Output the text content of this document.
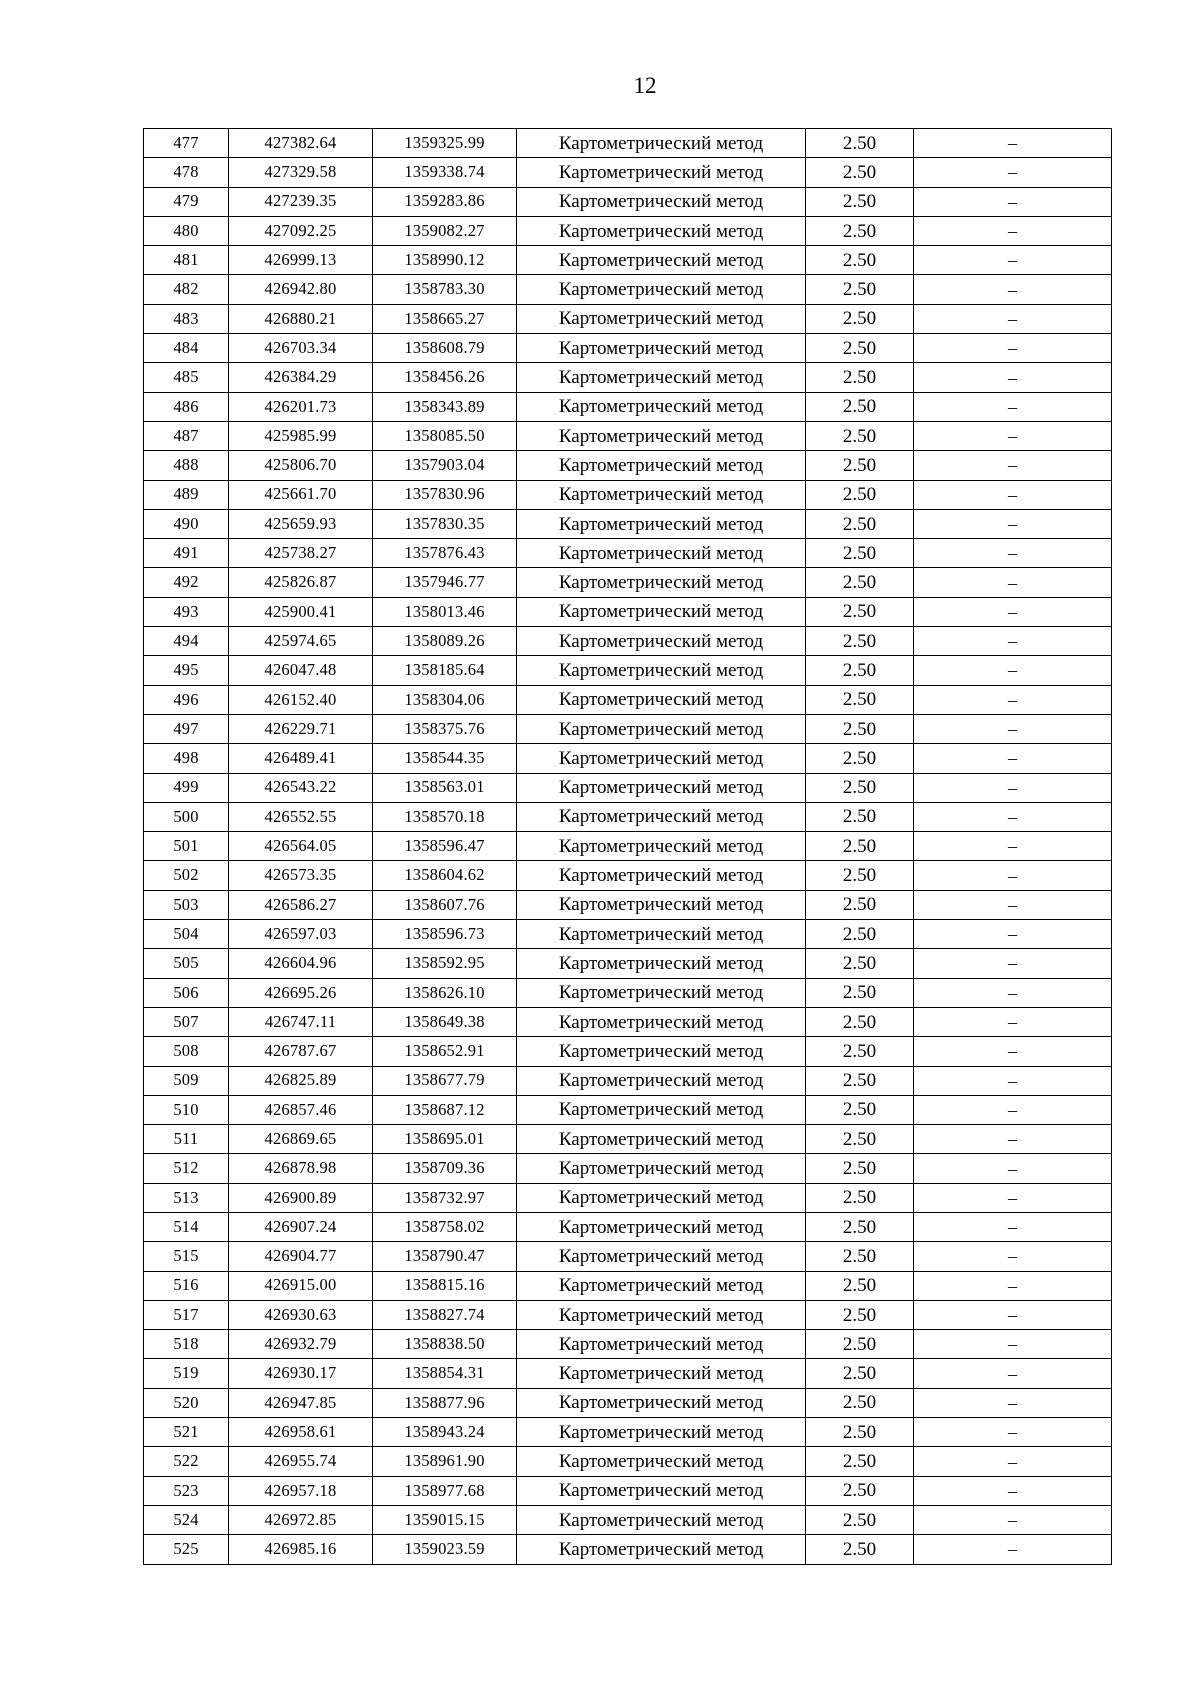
12
477	427382.64	1359325.99	Картометрический метод	2.50	–
478	427329.58	1359338.74	Картометрический метод	2.50	–
479	427239.35	1359283.86	Картометрический метод	2.50	–
480	427092.25	1359082.27	Картометрический метод	2.50	–
481	426999.13	1358990.12	Картометрический метод	2.50	–
482	426942.80	1358783.30	Картометрический метод	2.50	–
483	426880.21	1358665.27	Картометрический метод	2.50	–
484	426703.34	1358608.79	Картометрический метод	2.50	–
485	426384.29	1358456.26	Картометрический метод	2.50	–
486	426201.73	1358343.89	Картометрический метод	2.50	–
487	425985.99	1358085.50	Картометрический метод	2.50	–
488	425806.70	1357903.04	Картометрический метод	2.50	–
489	425661.70	1357830.96	Картометрический метод	2.50	–
490	425659.93	1357830.35	Картометрический метод	2.50	–
491	425738.27	1357876.43	Картометрический метод	2.50	–
492	425826.87	1357946.77	Картометрический метод	2.50	–
493	425900.41	1358013.46	Картометрический метод	2.50	–
494	425974.65	1358089.26	Картометрический метод	2.50	–
495	426047.48	1358185.64	Картометрический метод	2.50	–
496	426152.40	1358304.06	Картометрический метод	2.50	–
497	426229.71	1358375.76	Картометрический метод	2.50	–
498	426489.41	1358544.35	Картометрический метод	2.50	–
499	426543.22	1358563.01	Картометрический метод	2.50	–
500	426552.55	1358570.18	Картометрический метод	2.50	–
501	426564.05	1358596.47	Картометрический метод	2.50	–
502	426573.35	1358604.62	Картометрический метод	2.50	–
503	426586.27	1358607.76	Картометрический метод	2.50	–
504	426597.03	1358596.73	Картометрический метод	2.50	–
505	426604.96	1358592.95	Картометрический метод	2.50	–
506	426695.26	1358626.10	Картометрический метод	2.50	–
507	426747.11	1358649.38	Картометрический метод	2.50	–
508	426787.67	1358652.91	Картометрический метод	2.50	–
509	426825.89	1358677.79	Картометрический метод	2.50	–
510	426857.46	1358687.12	Картометрический метод	2.50	–
511	426869.65	1358695.01	Картометрический метод	2.50	–
512	426878.98	1358709.36	Картометрический метод	2.50	–
513	426900.89	1358732.97	Картометрический метод	2.50	–
514	426907.24	1358758.02	Картометрический метод	2.50	–
515	426904.77	1358790.47	Картометрический метод	2.50	–
516	426915.00	1358815.16	Картометрический метод	2.50	–
517	426930.63	1358827.74	Картометрический метод	2.50	–
518	426932.79	1358838.50	Картометрический метод	2.50	–
519	426930.17	1358854.31	Картометрический метод	2.50	–
520	426947.85	1358877.96	Картометрический метод	2.50	–
521	426958.61	1358943.24	Картометрический метод	2.50	–
522	426955.74	1358961.90	Картометрический метод	2.50	–
523	426957.18	1358977.68	Картометрический метод	2.50	–
524	426972.85	1359015.15	Картометрический метод	2.50	–
525	426985.16	1359023.59	Картометрический метод	2.50	–
